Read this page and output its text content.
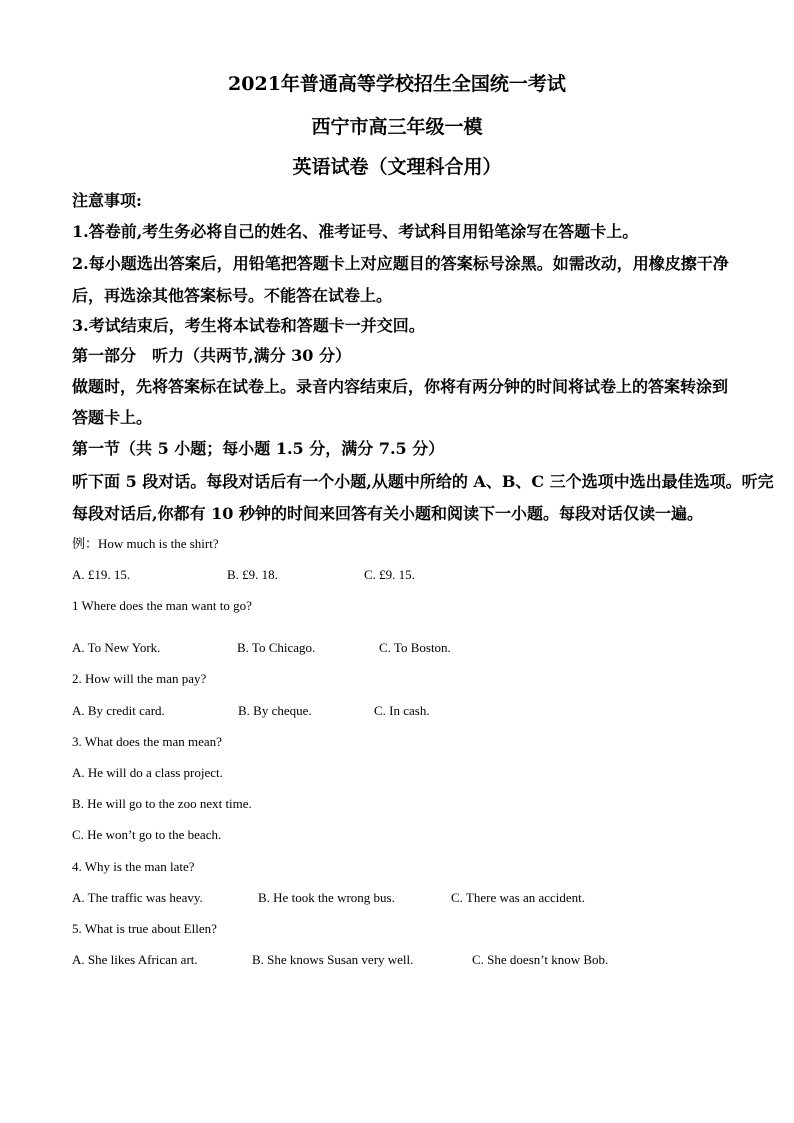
2021年普通高等学校招生全国统一考试
西宁市高三年级一模
英语试卷（文理科合用）
注意事项:
1.答卷前,考生务必将自己的姓名、准考证号、考试科目用铅笔涂写在答题卡上。
2.每小题选出答案后，用铅笔把答题卡上对应题目的答案标号涂黑。如需改动，用橡皮擦干净
后，再选涂其他答案标号。不能答在试卷上。
3.考试结束后，考生将本试卷和答题卡一并交回。
第一部分　听力（共两节,满分 30 分）
做题时，先将答案标在试卷上。录音内容结束后，你将有两分钟的时间将试卷上的答案转涂到
答题卡上。
第一节（共 5 小题；每小题 1.5 分，满分 7.5 分）
听下面 5 段对话。每段对话后有一个小题,从题中所给的 A、B、C 三个选项中选出最佳选项。听完
每段对话后,你都有 10 秒钟的时间来回答有关小题和阅读下一小题。每段对话仅读一遍。
例：How much is the shirt?
A. £19. 15.	B. £9. 18.	C. £9. 15.
1 Where does the man want to go?
A. To New York.	B. To Chicago.	C. To Boston.
2. How will the man pay?
A. By credit card.	B. By cheque.	C. In cash.
3. What does the man mean?
A. He will do a class project.
B. He will go to the zoo next time.
C. He won’t go to the beach.
4. Why is the man late?
A. The traffic was heavy.	B. He took the wrong bus.	C. There was an accident.
5. What is true about Ellen?
A. She likes African art.	B. She knows Susan very well.	C. She doesn’t know Bob.
